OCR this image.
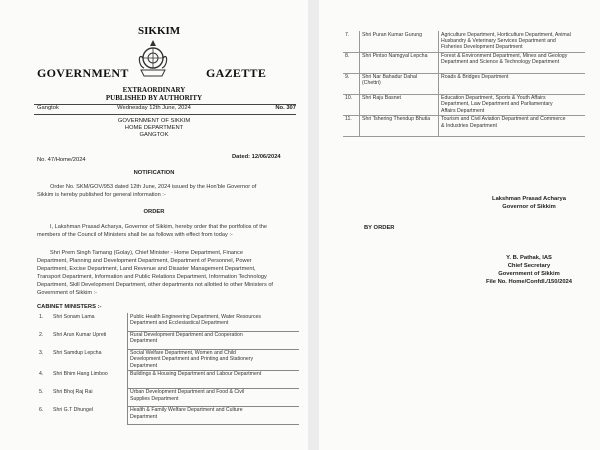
SIKKIM
GOVERNMENT	GAZETTE
EXTRAORDINARY
PUBLISHED BY AUTHORITY
Gangtok	Wednesday 12th June, 2024	No. 307
GOVERNMENT OF SIKKIM
HOME DEPARTMENT
GANGTOK
No. 47/Home/2024	Dated: 12/06/2024
NOTIFICATION
Order No. SKM/GOV/953 dated 12th June, 2024 issued by the Hon'ble Governor of
Sikkim is hereby published for general information :-
ORDER
I, Lakshman Prasad Acharya, Governor of Sikkim, hereby order that the portfolios of the
members of the Council of Ministers shall be as follows with effect from today :-
Shri Prem Singh Tamang (Golay), Chief Minister - Home Department, Finance
Department, Planning and Development Department, Department of Personnel, Power
Department, Excise Department, Land Revenue and Disaster Management Department,
Transport Department, Information and Public Relations Department, Information Technology
Department, Skill Development Department, other departments not allotted to other Ministers of
Government of Sikkim :-
CABINET MINISTERS :-
1.	Shri Sonam Lama	Public Health Engineering Department, Water Resources
Department and Ecclesiastical Department
2.	Shri Arun Kumar Upreti	Rural Development Department and Cooperation
Department
3.	Shri Samdup Lepcha	Social Welfare Department, Women and Child
Development Department and Printing and Stationery
Department
4.	Shri Bhim Hang Limboo	Buildings & Housing Department and Labour Department
5.	Shri Bhoj Raj Rai	Urban Development Department and Food & Civil
Supplies Department
6.	Shri G.T Dhungel	Health & Family Welfare Department and Culture
Department
7.	Shri Puran Kumar Gurung	Agriculture Department, Horticulture Department, Animal
Husbandry & Veterinary Services Department and
Fisheries Development Department
8.	Shri Pintso Namgyal Lepcha	Forest & Environment Department, Mines and Geology
Department and Science & Technology Department
9.	Shri Nar Bahadur Dahal (Chettri)	Roads & Bridges Department
10.	Shri Raju Basnet	Education Department, Sports & Youth Affairs
Department, Law Department and Parliamentary
Affairs Department
11.	Shri Tshering Thendup Bhutia	Tourism and Civil Aviation Department and Commerce
& Industries Department
Lakshman Prasad Acharya
Governor of Sikkim
BY ORDER
Y. B. Pathak, IAS
Chief Secretary
Government of Sikkim
File No. Home/Confdl./150/2024
